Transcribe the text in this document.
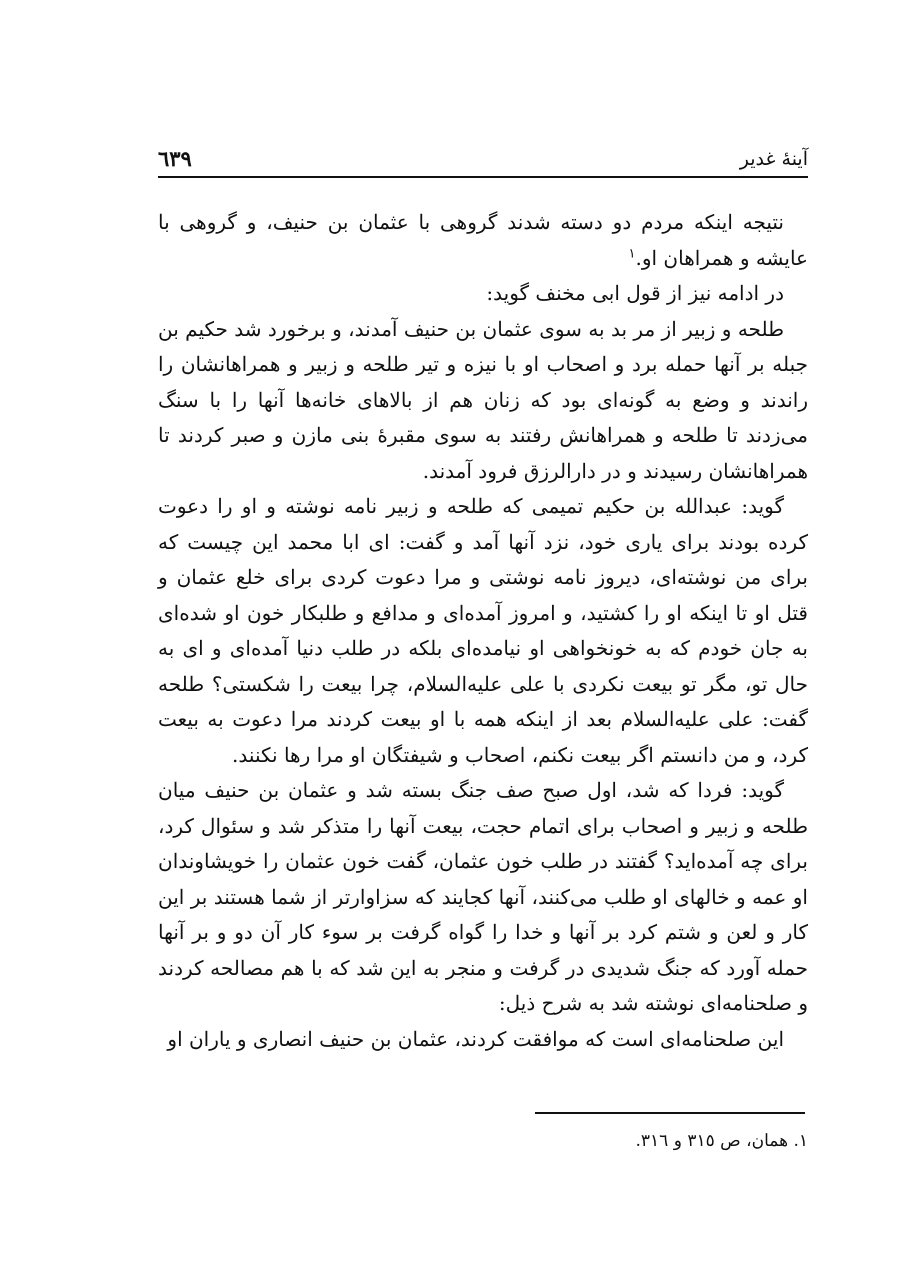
آينهٔ غدير
٦٣٩

نتيجه اينكه مردم دو دسته شدند گروهى با عثمان بن حنيف، و گروهى با عايشه و همراهان او.$^١$

در ادامه نيز از قول ابى مخنف گويد:

طلحه و زبير از مر بد به سوى عثمان بن حنيف آمدند، و برخورد شد حكيم بن جبله بر آنها حمله برد و اصحاب او با نيزه و تير طلحه و زبير و همراهانشان را راندند و وضع به گونه‌اى بود كه زنان هم از بالاهاى خانه‌ها آنها را با سنگ مى‌زدند تا طلحه و همراهانش رفتند به سوى مقبرهٔ بنى مازن و صبر كردند تا همراهانشان رسيدند و در دارالرزق فرود آمدند.

گويد: عبدالله بن حكيم تميمى كه طلحه و زبير نامه نوشته و او را دعوت كرده بودند براى يارى خود، نزد آنها آمد و گفت: اى ابا محمد اين چيست كه براى من نوشته‌اى، ديروز نامه نوشتى و مرا دعوت كردى براى خلع عثمان و قتل او تا اينكه او را كشتيد، و امروز آمده‌اى و مدافع و طلبكار خون او شده‌اى به جان خودم كه به خونخواهى او نيامده‌اى بلكه در طلب دنيا آمده‌اى و اى به حال تو، مگر تو بيعت نكردى با على عليه‌السلام، چرا بيعت را شكستى؟ طلحه گفت: على عليه‌السلام بعد از اينكه همه با او بيعت كردند مرا دعوت به بيعت كرد، و من دانستم اگر بيعت نكنم، اصحاب و شيفتگان او مرا رها نكنند.

گويد: فردا كه شد، اول صبح صف جنگ بسته شد و عثمان بن حنيف ميان طلحه و زبير و اصحاب براى اتمام حجت، بيعت آنها را متذكر شد و سئوال كرد، براى چه آمده‌ايد؟ گفتند در طلب خون عثمان، گفت خون عثمان را خويشاوندان او عمه و خالهاى او طلب مى‌كنند، آنها كجايند كه سزاوارتر از شما هستند بر اين كار و لعن و شتم كرد بر آنها و خدا را گواه گرفت بر سوء كار آن دو و بر آنها حمله آورد كه جنگ شديدى در گرفت و منجر به اين شد كه با هم مصالحه كردند و صلحنامه‌اى نوشته شد به شرح ذيل:

اين صلحنامه‌اى است كه موافقت كردند، عثمان بن حنيف انصارى و ياران او

١. همان، ص ٣١٥ و ٣١٦.
